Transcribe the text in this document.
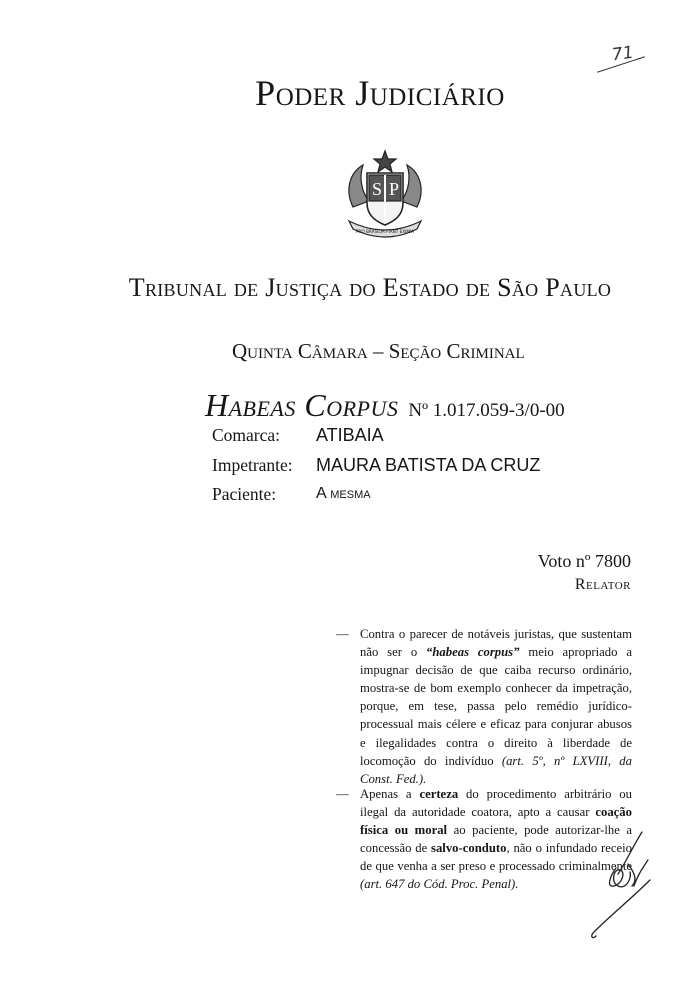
71
Poder Judiciário
S P
PRO BRASILIA FIANT EXIMIA
Tribunal de Justiça do Estado de São Paulo
Quinta Câmara – Seção Criminal
Habeas Corpus Nº 1.017.059-3/0-00
Comarca: ATIBAIA
Impetrante: MAURA BATISTA DA CRUZ
Paciente: A mesma
Voto nº 7800
Relator
— Contra o parecer de notáveis juristas, que sustentam não ser o “habeas corpus” meio apropriado a impugnar decisão de que caiba recurso ordinário, mostra-se de bom exemplo conhecer da impetração, porque, em tese, passa pelo remédio jurídico-processual mais célere e eficaz para conjurar abusos e ilegalidades contra o direito à liberdade de locomoção do indivíduo (art. 5º, nº LXVIII, da Const. Fed.).
— Apenas a certeza do procedimento arbitrário ou ilegal da autoridade coatora, apto a causar coação física ou moral ao paciente, pode autorizar-lhe a concessão de salvo-conduto, não o infundado receio de que venha a ser preso e processado criminalmente (art. 647 do Cód. Proc. Penal).
